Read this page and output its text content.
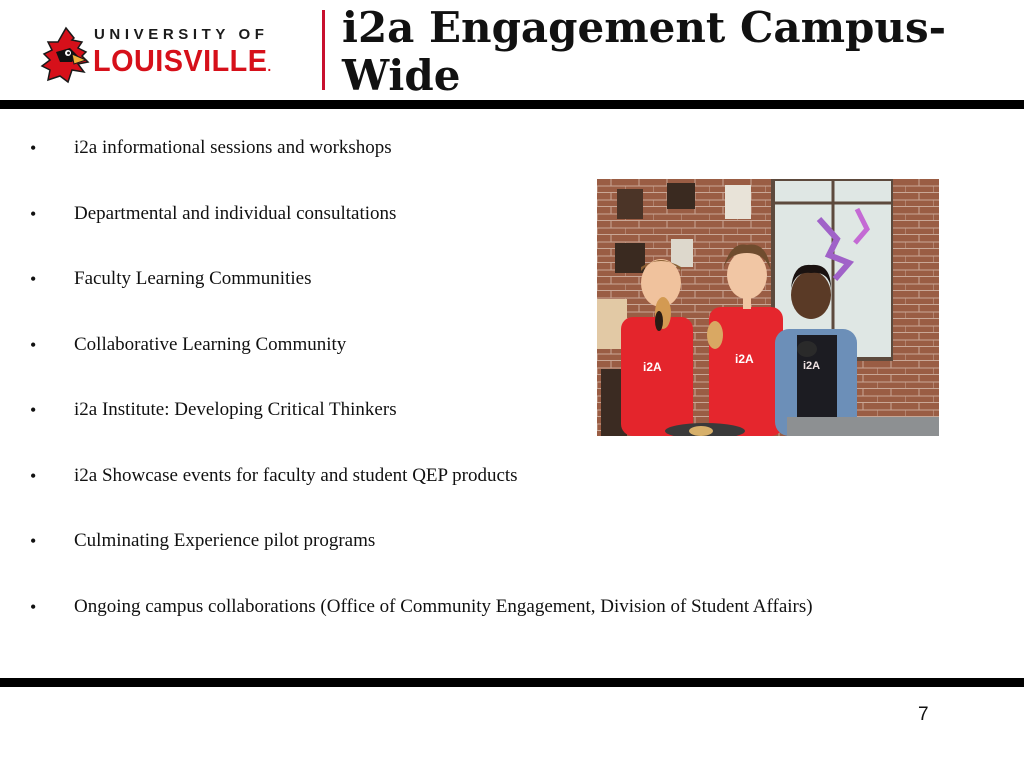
UNIVERSITY OF
LOUISVILLE.
i2a Engagement Campus-Wide
• i2a informational sessions and workshops
• Departmental and individual consultations
• Faculty Learning Communities
• Collaborative Learning Community
• i2a Institute: Developing Critical Thinkers
• i2a Showcase events for faculty and student QEP products
• Culminating Experience pilot programs
• Ongoing campus collaborations (Office of Community Engagement, Division of Student Affairs)
i2A
i2A	i2A
7
